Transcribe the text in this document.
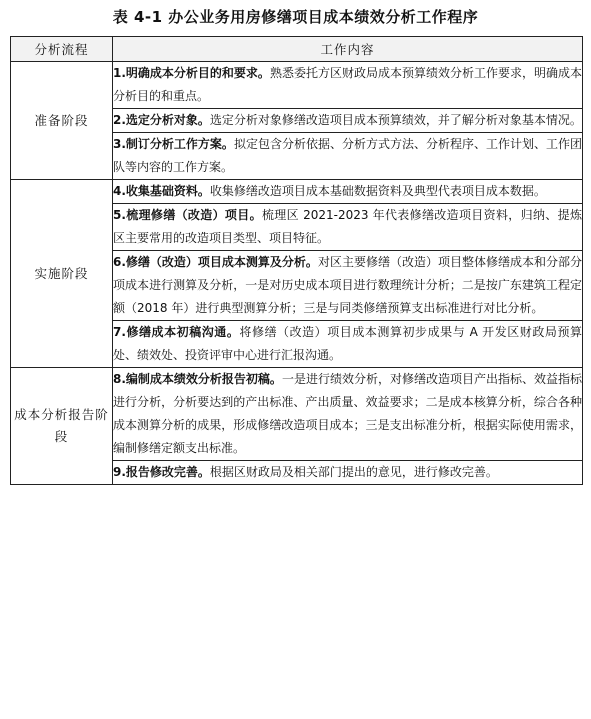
表 4-1 办公业务用房修缮项目成本绩效分析工作程序
分析流程	工作内容
准备阶段	1.明确成本分析目的和要求。熟悉委托方区财政局成本预算绩效分析工作要求，明确成本分析目的和重点。
	2.选定分析对象。选定分析对象修缮改造项目成本预算绩效，并了解分析对象基本情况。
	3.制订分析工作方案。拟定包含分析依据、分析方式方法、分析程序、工作计划、工作团队等内容的工作方案。
实施阶段	4.收集基础资料。收集修缮改造项目成本基础数据资料及典型代表项目成本数据。
	5.梳理修缮（改造）项目。梳理区 2021-2023 年代表修缮改造项目资料，归纳、提炼区主要常用的改造项目类型、项目特征。
	6.修缮（改造）项目成本测算及分析。对区主要修缮（改造）项目整体修缮成本和分部分项成本进行测算及分析，一是对历史成本项目进行数理统计分析；二是按广东建筑工程定额（2018 年）进行典型测算分析；三是与同类修缮预算支出标准进行对比分析。
	7.修缮成本初稿沟通。将修缮（改造）项目成本测算初步成果与 A 开发区财政局预算处、绩效处、投资评审中心进行汇报沟通。
成本分析报告阶段	8.编制成本绩效分析报告初稿。一是进行绩效分析，对修缮改造项目产出指标、效益指标进行分析，分析要达到的产出标准、产出质量、效益要求；二是成本核算分析，综合各种成本测算分析的成果，形成修缮改造项目成本；三是支出标准分析，根据实际使用需求，编制修缮定额支出标准。
	9.报告修改完善。根据区财政局及相关部门提出的意见，进行修改完善。
